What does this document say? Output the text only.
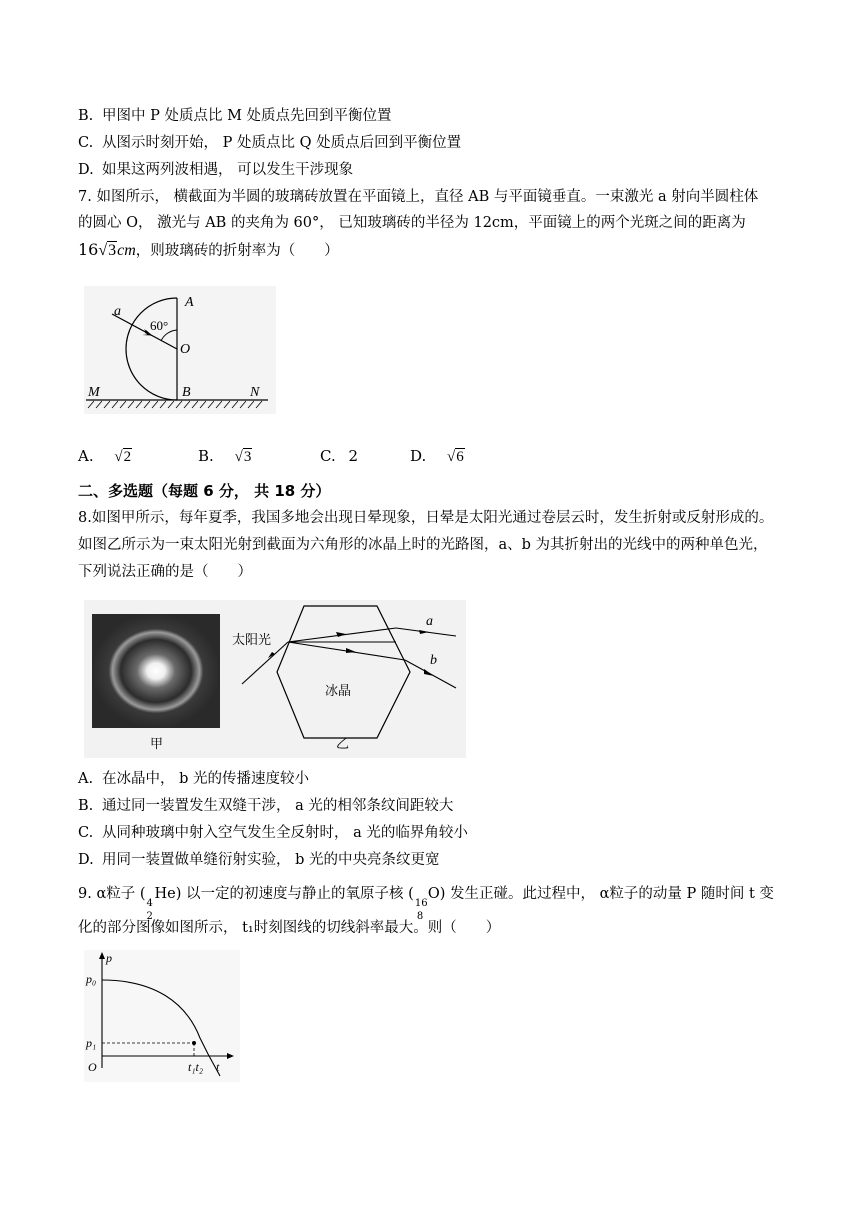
B. 甲图中 P 处质点比 M 处质点先回到平衡位置
C. 从图示时刻开始， P 处质点比 Q 处质点后回到平衡位置
D. 如果这两列波相遇， 可以发生干涉现象
7. 如图所示， 横截面为半圆的玻璃砖放置在平面镜上，直径 AB 与平面镜垂直。一束激光 a 射向半圆柱体
的圆心 O， 激光与 AB 的夹角为 60°， 已知玻璃砖的半径为 12cm，平面镜上的两个光斑之间的距离为
16√3cm，则玻璃砖的折射率为（　　）
a
A
O
M	B	N
60°
A. √2	B. √3	C. 2	D. √6
二、多选题（每题 6 分， 共 18 分）
8.如图甲所示，每年夏季，我国多地会出现日晕现象，日晕是太阳光通过卷层云时，发生折射或反射形成的。
如图乙所示为一束太阳光射到截面为六角形的冰晶上时的光路图，a、b 为其折射出的光线中的两种单色光，
下列说法正确的是（　　）
甲
太阳光
冰晶
乙
a
b
A. 在冰晶中， b 光的传播速度较小
B. 通过同一装置发生双缝干涉， a 光的相邻条纹间距较大
C. 从同种玻璃中射入空气发生全反射时， a 光的临界角较小
D. 用同一装置做单缝衍射实验， b 光的中央亮条纹更宽
9. α粒子 (
4
2
He) 以一定的初速度与静止的氧原子核 (
16
8
O) 发生正碰。此过程中， α粒子的动量 P 随时间 t 变
化的部分图像如图所示， t₁时刻图线的切线斜率最大。则（　　）
p
p₀
p₁
O	t₁t₂ t
